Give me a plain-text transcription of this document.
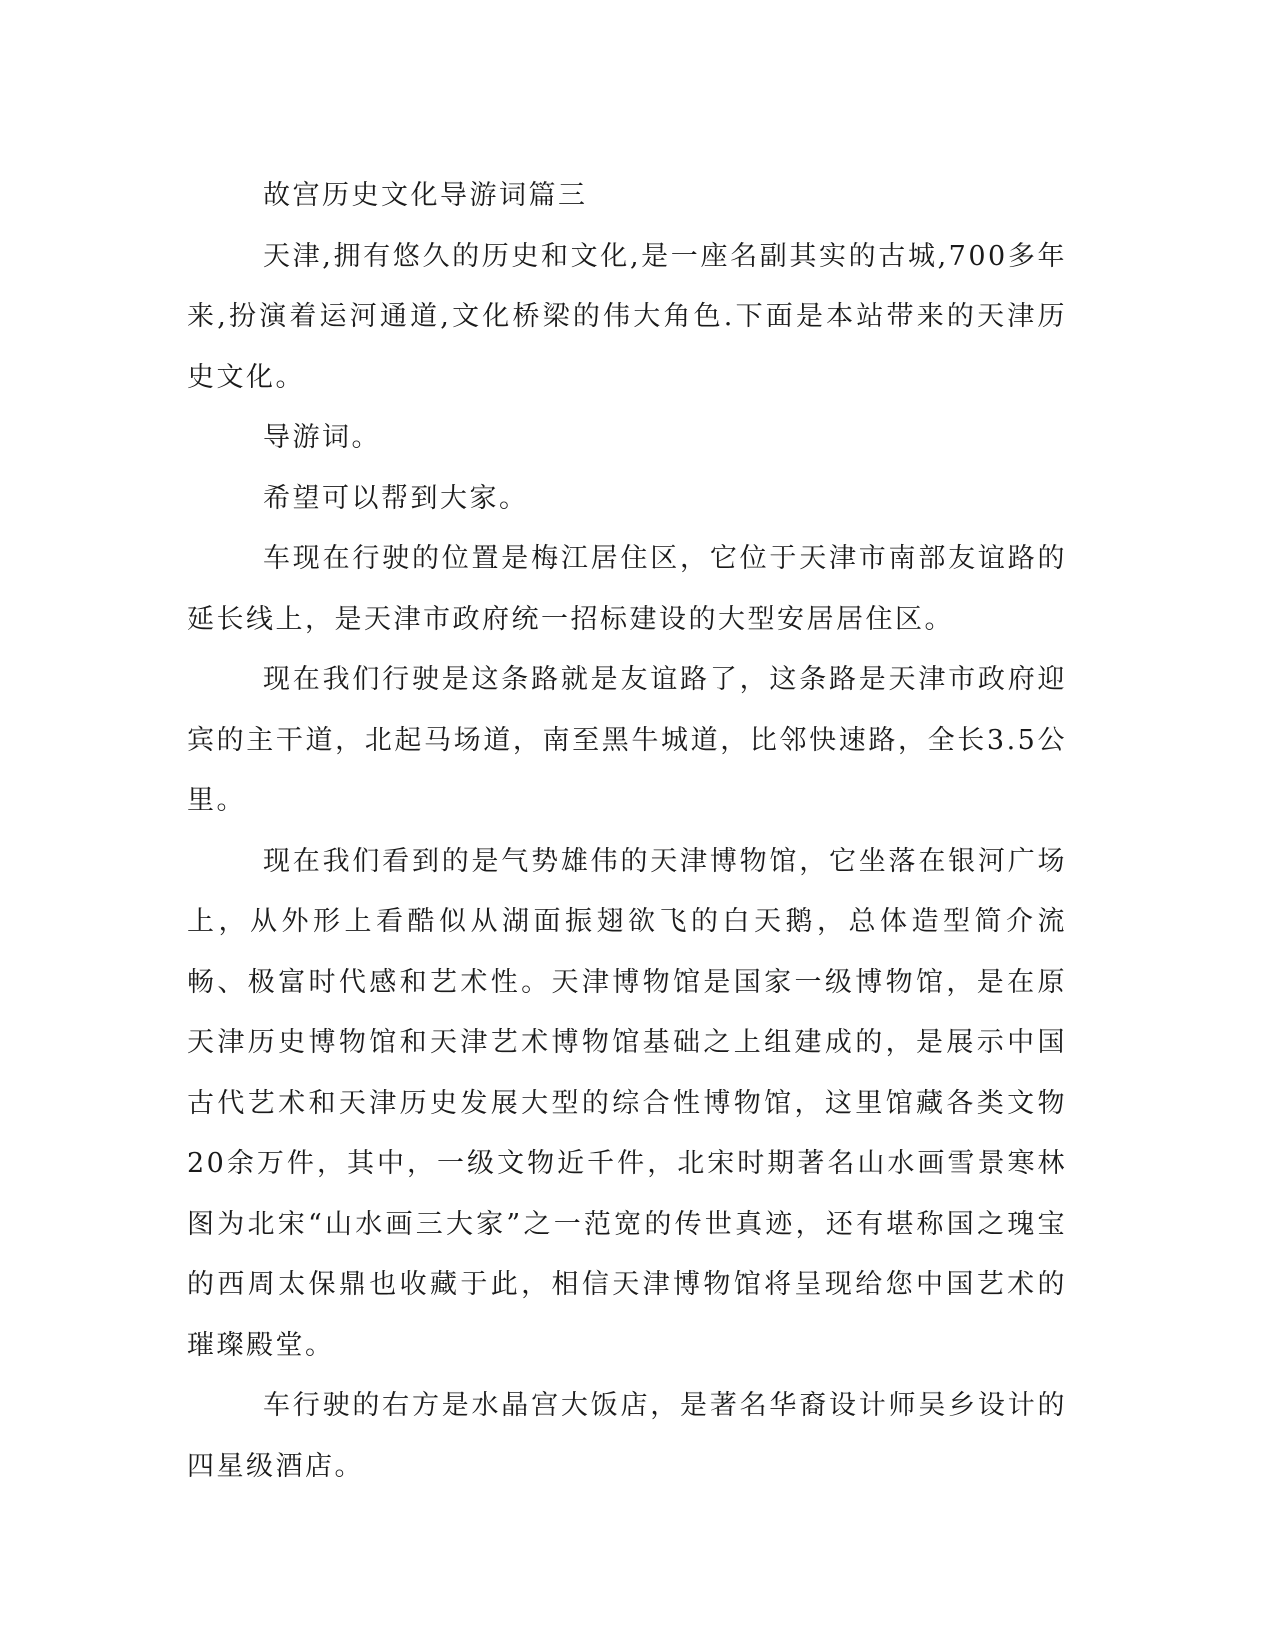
故宫历史文化导游词篇三

天津,拥有悠久的历史和文化,是一座名副其实的古城,700多年来,扮演着运河通道,文化桥梁的伟大角色.下面是本站带来的天津历史文化。

导游词。

希望可以帮到大家。

车现在行驶的位置是梅江居住区，它位于天津市南部友谊路的延长线上，是天津市政府统一招标建设的大型安居居住区。

现在我们行驶是这条路就是友谊路了，这条路是天津市政府迎宾的主干道，北起马场道，南至黑牛城道，比邻快速路，全长3.5公里。

现在我们看到的是气势雄伟的天津博物馆，它坐落在银河广场上，从外形上看酷似从湖面振翅欲飞的白天鹅，总体造型简介流畅、极富时代感和艺术性。天津博物馆是国家一级博物馆，是在原天津历史博物馆和天津艺术博物馆基础之上组建成的，是展示中国古代艺术和天津历史发展大型的综合性博物馆，这里馆藏各类文物20余万件，其中，一级文物近千件，北宋时期著名山水画雪景寒林图为北宋“山水画三大家”之一范宽的传世真迹，还有堪称国之瑰宝的西周太保鼎也收藏于此，相信天津博物馆将呈现给您中国艺术的璀璨殿堂。

车行驶的右方是水晶宫大饭店，是著名华裔设计师吴乡设计的四星级酒店。
